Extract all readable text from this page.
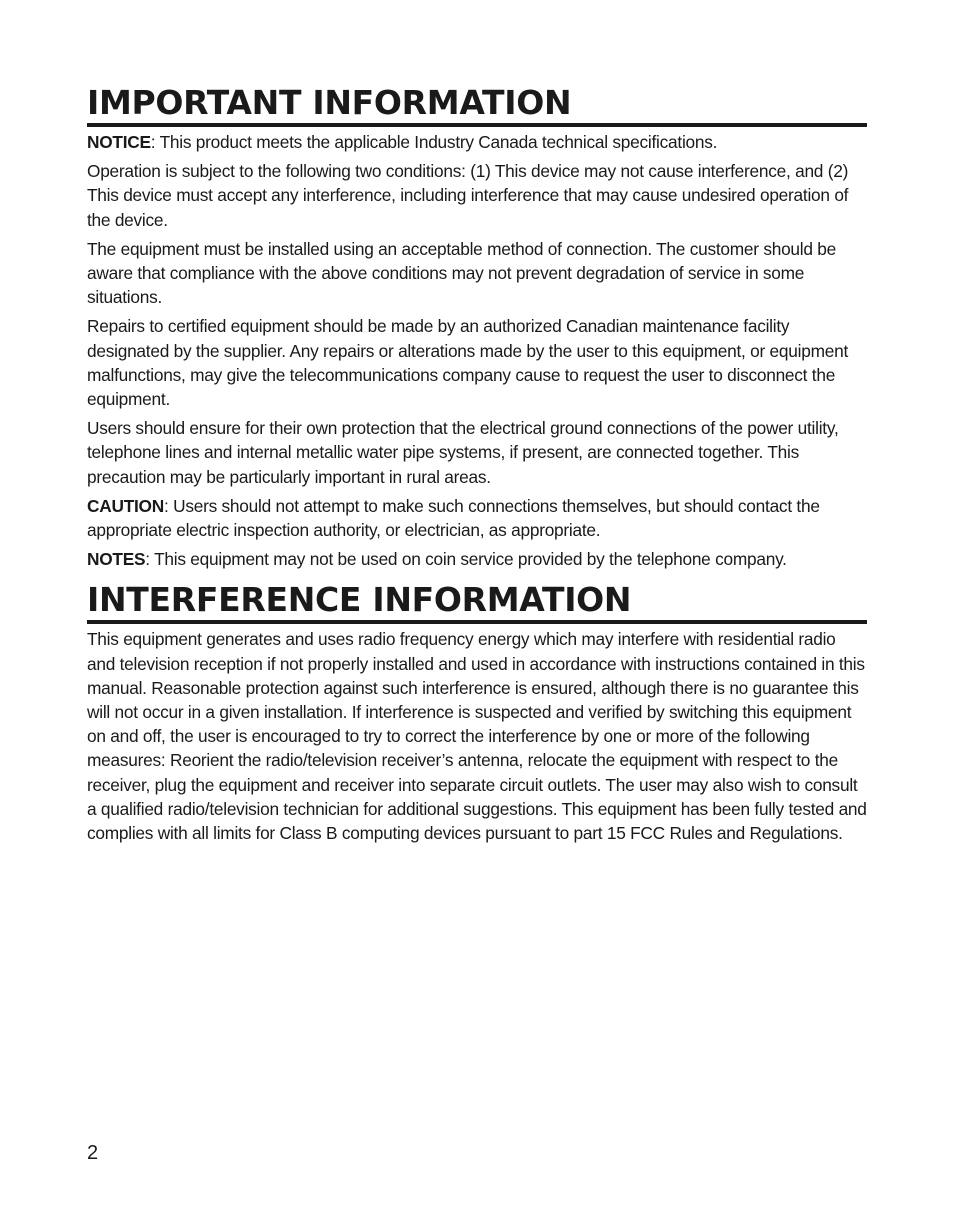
IMPORTANT INFORMATION

NOTICE: This product meets the applicable Industry Canada technical specifications.

Operation is subject to the following two conditions: (1) This device may not cause interference, and (2) This device must accept any interference, including interference that may cause undesired operation of the device.

The equipment must be installed using an acceptable method of connection. The customer should be aware that compliance with the above conditions may not prevent degradation of service in some situations.

Repairs to certified equipment should be made by an authorized Canadian maintenance facility designated by the supplier. Any repairs or alterations made by the user to this equipment, or equipment malfunctions, may give the telecommunications company cause to request the user to disconnect the equipment.

Users should ensure for their own protection that the electrical ground connections of the power utility, telephone lines and internal metallic water pipe systems, if present, are connected together. This precaution may be particularly important in rural areas.

CAUTION: Users should not attempt to make such connections themselves, but should contact the appropriate electric inspection authority, or electrician, as appropriate.

NOTES: This equipment may not be used on coin service provided by the telephone company.

INTERFERENCE INFORMATION

This equipment generates and uses radio frequency energy which may interfere with residential radio and television reception if not properly installed and used in accordance with instructions contained in this manual. Reasonable protection against such interference is ensured, although there is no guarantee this will not occur in a given installation. If interference is suspected and verified by switching this equipment on and off, the user is encouraged to try to correct the interference by one or more of the following measures: Reorient the radio/television receiver’s antenna, relocate the equipment with respect to the receiver, plug the equipment and receiver into separate circuit outlets. The user may also wish to consult a qualified radio/television technician for additional suggestions. This equipment has been fully tested and complies with all limits for Class B computing devices pursuant to part 15 FCC Rules and Regulations.

2
